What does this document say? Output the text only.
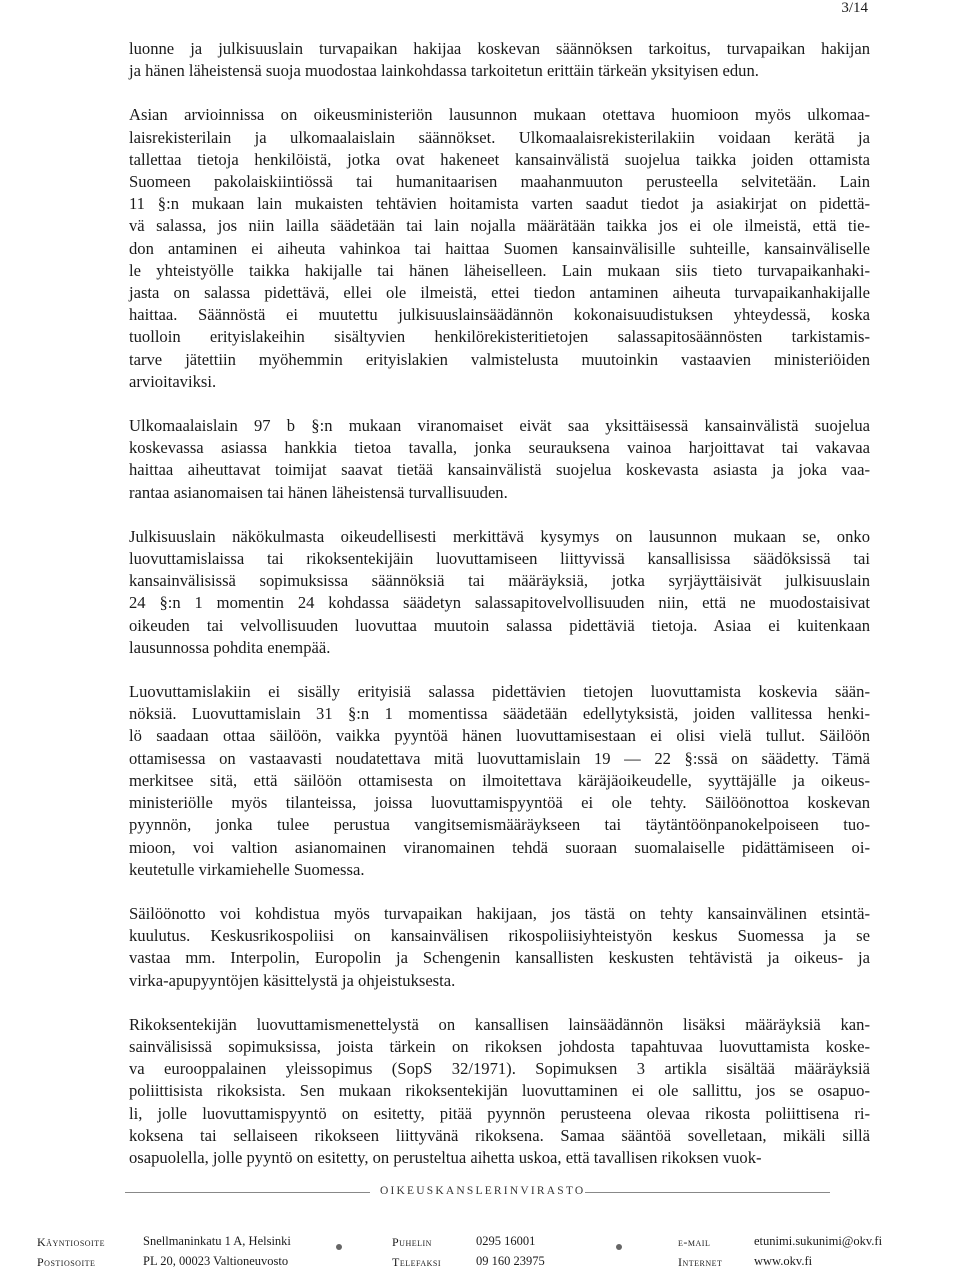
3/14

luonne ja julkisuuslain turvapaikan hakijaa koskevan säännöksen tarkoitus, turvapaikan hakijan
ja hänen läheistensä suoja muodostaa lainkohdassa tarkoitetun erittäin tärkeän yksityisen edun.

Asian arvioinnissa on oikeusministeriön lausunnon mukaan otettava huomioon myös ulkomaa-
laisrekisterilain ja ulkomaalaislain säännökset. Ulkomaalaisrekisterilakiin voidaan kerätä ja
tallettaa tietoja henkilöistä, jotka ovat hakeneet kansainvälistä suojelua taikka joiden ottamista
Suomeen pakolaiskiintiössä tai humanitaarisen maahanmuuton perusteella selvitetään. Lain
11 §:n mukaan lain mukaisten tehtävien hoitamista varten saadut tiedot ja asiakirjat on pidettä-
vä salassa, jos niin lailla säädetään tai lain nojalla määrätään taikka jos ei ole ilmeistä, että tie-
don antaminen ei aiheuta vahinkoa tai haittaa Suomen kansainvälisille suhteille, kansainväliselle
le yhteistyölle taikka hakijalle tai hänen läheiselleen. Lain mukaan siis tieto turvapaikanhaki-
jasta on salassa pidettävä, ellei ole ilmeistä, ettei tiedon antaminen aiheuta turvapaikanhakijalle
haittaa. Säännöstä ei muutettu julkisuuslainsäädännön kokonaisuudistuksen yhteydessä, koska
tuolloin erityislakeihin sisältyvien henkilörekisteritietojen salassapitosäännösten tarkistamis-
tarve jätettiin myöhemmin erityislakien valmistelusta muutoinkin vastaavien ministeriöiden
arvioitaviksi.

Ulkomaalaislain 97 b §:n mukaan viranomaiset eivät saa yksittäisessä kansainvälistä suojelua
koskevassa asiassa hankkia tietoa tavalla, jonka seurauksena vainoa harjoittavat tai vakavaa
haittaa aiheuttavat toimijat saavat tietää kansainvälistä suojelua koskevasta asiasta ja joka vaa-
rantaa asianomaisen tai hänen läheistensä turvallisuuden.

Julkisuuslain näkökulmasta oikeudellisesti merkittävä kysymys on lausunnon mukaan se, onko
luovuttamislaissa tai rikoksentekijäin luovuttamiseen liittyvissä kansallisissa säädöksissä tai
kansainvälisissä sopimuksissa säännöksiä tai määräyksiä, jotka syrjäyttäisivät julkisuuslain
24 §:n 1 momentin 24 kohdassa säädetyn salassapitovelvollisuuden niin, että ne muodostaisivat
oikeuden tai velvollisuuden luovuttaa muutoin salassa pidettäviä tietoja. Asiaa ei kuitenkaan
lausunnossa pohdita enempää.

Luovuttamislakiin ei sisälly erityisiä salassa pidettävien tietojen luovuttamista koskevia sään-
nöksiä. Luovuttamislain 31 §:n 1 momentissa säädetään edellytyksistä, joiden vallitessa henki-
lö saadaan ottaa säilöön, vaikka pyyntöä hänen luovuttamisestaan ei olisi vielä tullut. Säilöön
ottamisessa on vastaavasti noudatettava mitä luovuttamislain 19 — 22 §:ssä on säädetty. Tämä
merkitsee sitä, että säilöön ottamisesta on ilmoitettava käräjäoikeudelle, syyttäjälle ja oikeus-
ministeriölle myös tilanteissa, joissa luovuttamispyyntöä ei ole tehty. Säilöönottoa koskevan
pyynnön, jonka tulee perustua vangitsemismääräykseen tai täytäntöönpanokelpoiseen tuo-
mioon, voi valtion asianomainen viranomainen tehdä suoraan suomalaiselle pidättämiseen oi-
keutetulle virkamiehelle Suomessa.

Säilöönotto voi kohdistua myös turvapaikan hakijaan, jos tästä on tehty kansainvälinen etsintä-
kuulutus. Keskusrikospoliisi on kansainvälisen rikospoliisiyhteistyön keskus Suomessa ja se
vastaa mm. Interpolin, Europolin ja Schengenin kansallisten keskusten tehtävistä ja oikeus- ja
virka-apupyyntöjen käsittelystä ja ohjeistuksesta.

Rikoksentekijän luovuttamismenettelystä on kansallisen lainsäädännön lisäksi määräyksiä kan-
sainvälisissä sopimuksissa, joista tärkein on rikoksen johdosta tapahtuvaa luovuttamista koske-
va eurooppalainen yleissopimus (SopS 32/1971). Sopimuksen 3 artikla sisältää määräyksiä
poliittisista rikoksista. Sen mukaan rikoksentekijän luovuttaminen ei ole sallittu, jos se osapuo-
li, jolle luovuttamispyyntö on esitetty, pitää pyynnön perusteena olevaa rikosta poliittisena ri-
koksena tai sellaiseen rikokseen liittyvänä rikoksena. Samaa sääntöä sovelletaan, mikäli sillä
osapuolella, jolle pyyntö on esitetty, on perusteltua aihetta uskoa, että tavallisen rikoksen vuok-

OIKEUSKANSLERINVIRASTO
Käyntiosoite	Snellmaninkatu 1 A, Helsinki	Puhelin	0295 16001	e-mail	etunimi.sukunimi@okv.fi
Postiosoite	PL 20, 00023 Valtioneuvosto	Telefaksi	09 160 23975	Internet	www.okv.fi
